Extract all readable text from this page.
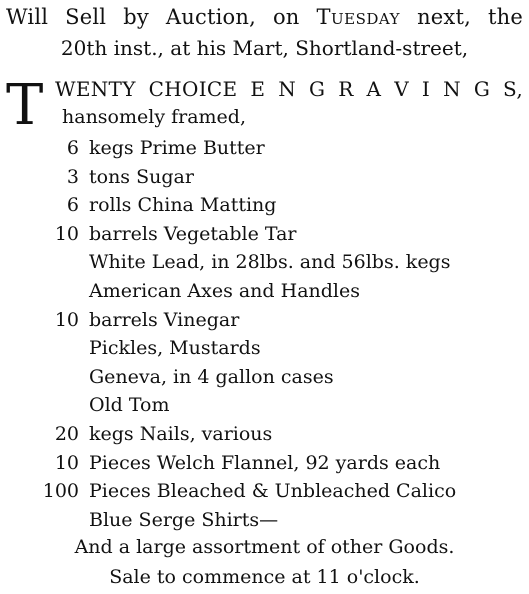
Will Sell by Auction, on Tuesday next, the
20th inst., at his Mart, Shortland-street,
T WENTY CHOICE E N G R A V I N G S,
hansomely framed,
6 kegs Prime Butter
3 tons Sugar
6 rolls China Matting
10 barrels Vegetable Tar
White Lead, in 28lbs. and 56lbs. kegs
American Axes and Handles
10 barrels Vinegar
Pickles, Mustards
Geneva, in 4 gallon cases
Old Tom
20 kegs Nails, various
10 Pieces Welch Flannel, 92 yards each
100 Pieces Bleached & Unbleached Calico
Blue Serge Shirts—
And a large assortment of other Goods.
Sale to commence at 11 o'clock.
